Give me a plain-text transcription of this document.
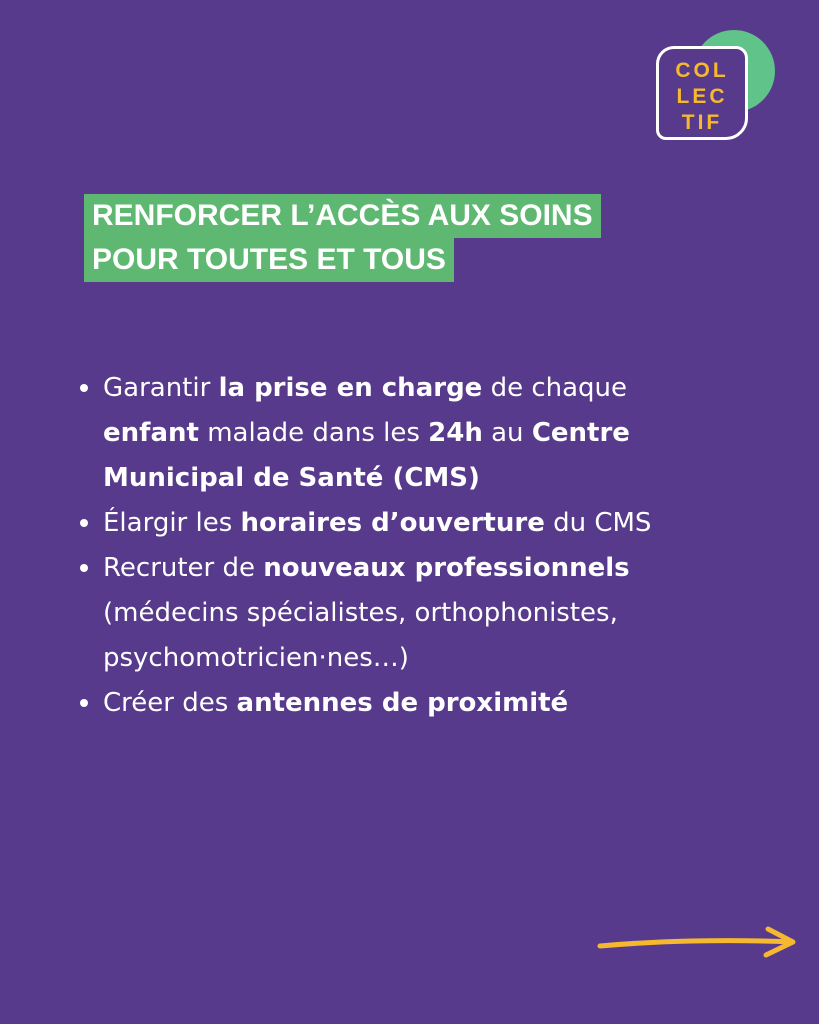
COL
LEC
TIF
RENFORCER L’ACCÈS AUX SOINS
POUR TOUTES ET TOUS
Garantir la prise en charge de chaque enfant malade dans les 24h au Centre Municipal de Santé (CMS)
Élargir les horaires d’ouverture du CMS
Recruter de nouveaux professionnels (médecins spécialistes, orthophonistes, psychomotricien·nes…)
Créer des antennes de proximité
